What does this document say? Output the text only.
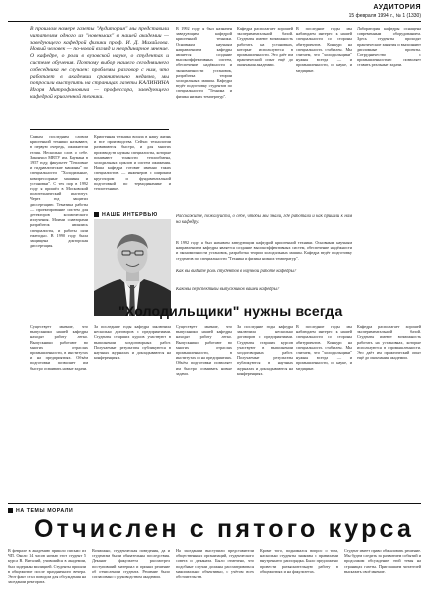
АУДИТОРИЯ
15 февраля 1994 г., № 1 (1330)
В прошлом номере газеты "Аудитория" мы представили читателям одного из "новеньких" в нашей академии — заведующего кафедрой физики проф. И. Д. Михайлова. Новый человек — по-новой взгляд и неординарное мнение. О кафедре, о роли в вузовской науке, о студентах и системе обучения. Поэтому выбор нашего сегодняшнего собеседника не случаен: проблемы разговор с ним, что работает в академии сравнительно недавно, мы попросили выступить на страницах газеты КАЛИНИНА Игоря Митрофановича — профессора, заведующего кафедрой криогенной техники.
Самым последним словом криогенной техники называют, в первую очередь, ожижители гелия. Несколько слов о себе. Закончил МВТУ им. Баумана в 1957 году, факультет "Тепловые и гидравлические машины" по специальности "Холодильные, компрессорные машины и установки". С тех пор в 1992 году я пришёл в Московский политехнический институт. Через год защитил диссертацию. Тематика работы — проектирование систем для детекторов космического излучения. Моими соавторами разработок являлись специалисты, и работы шли ежегодно. В 1990 году была защищена докторская диссертация.
НАШЕ ИНТЕРВЬЮ
Криогенная техника вошла в нашу жизнь и все производства. Сейчас технологии развиваются быстро, и для многих производств нужны специалисты, которые понимают тонкости теплообмена, холодильных циклов и систем ожижения. Наша кафедра готовит именно таких специалистов — инженеров с широким кругозором и фундаментальной подготовкой по термодинамике и теплотехнике.
В 1992 году я был назначен заведующим кафедрой криогенной техники. Основным научным направлением кафедры является создание высокоэффективных систем, обеспечение надёжности и экономичности установок, разработка теории холодильных машин. Кафедра ведёт подготовку студентов по специальности "Техника и физика низких температур".
Кафедра располагает хорошей экспериментальной базой. Студенты имеют возможность работать на установках, которые используются в промышленности. Это даёт им практический опыт ещё до окончания академии.
В последние годы мы наблюдаем интерес к нашей специальности со стороны абитуриентов. Конкурс на специальность стабилен. Мы считаем, что "холодильщики" нужны всегда — и промышленности, и науке, и медицине.
Лаборатория кафедры оснащена современным оборудованием. Здесь студенты проходят практические занятия и выполняют дипломные проекты. Сотрудничество с промышленностью позволяет ставить реальные задачи.
Расскажите, пожалуйста, о себе, чтобы мы знали, где работали и как пришли к нам на кафедру.
В 1992 году я был назначен заведующим кафедрой криогенной техники. Основным научным направлением кафедры является создание высокоэффективных систем, обеспечение надёжности и экономичности установок, разработка теории холодильных машин. Кафедра ведёт подготовку студентов по специальности "Техника и физика низких температур".
Как вы видите роль студентов в научной работе кафедры?
Каковы перспективы выпускников вашей кафедры?
"Холодильщики" нужны всегда
Существует мнение, что выпускники нашей кафедры находят работу легко. Выпускники работают во многих отраслях промышленности, в институтах и на предприятиях. Объём подготовки позволяет им быстро осваивать новые задачи.
За последние годы кафедра заключила несколько договоров с предприятиями. Студенты старших курсов участвуют в выполнении хоздоговорных работ. Получаемые результаты публикуются в научных журналах и докладываются на конференциях.
Существует мнение, что выпускники нашей кафедры находят работу легко. Выпускники работают во многих отраслях промышленности, в институтах и на предприятиях. Объём подготовки позволяет им быстро осваивать новые задачи.
За последние годы кафедра заключила несколько договоров с предприятиями. Студенты старших курсов участвуют в выполнении хоздоговорных работ. Получаемые результаты публикуются в научных журналах и докладываются на конференциях.
В последние годы мы наблюдаем интерес к нашей специальности со стороны абитуриентов. Конкурс на специальность стабилен. Мы считаем, что "холодильщики" нужны всегда — и промышленности, и науке, и медицине.
Кафедра располагает хорошей экспериментальной базой. Студенты имеют возможность работать на установках, которые используются в промышленности. Это даёт им практический опыт ещё до окончания академии.
НА ТЕМЫ МОРАЛИ
Отчислен с пятого курса
В феврале в академию пришло письмо из ЧП. Около 14 часов ночью этот студент 5 курса В. Виталий, учившийся в академии, был задержан милицией. Студенты пришли в общежитие после праздничного вечера. Этот факт стал поводом для обсуждения на заседании ректората.
Возможно, студенческая поведения, да и студентам были обязательны последствия. Деканат факультета рассмотрел поступивший материал и принял решение об отчислении студента. Решение было согласовано с руководством академии.
На заседании выступили представители общественных организаций, студенческого совета и деканата. Было отмечено, что подобные случаи должны рассматриваться максимально объективно, с учётом всех обстоятельств.
Кроме того, поднимался вопрос о том, насколько студенты знакомы с правилами внутреннего распорядка. Было предложено провести разъяснительную работу в общежитиях и на факультетах.
Студент имеет право обжаловать решение. Мы будем следить за развитием событий и продолжим обсуждение этой темы на страницах газеты. Приглашаем читателей высказать своё мнение.
